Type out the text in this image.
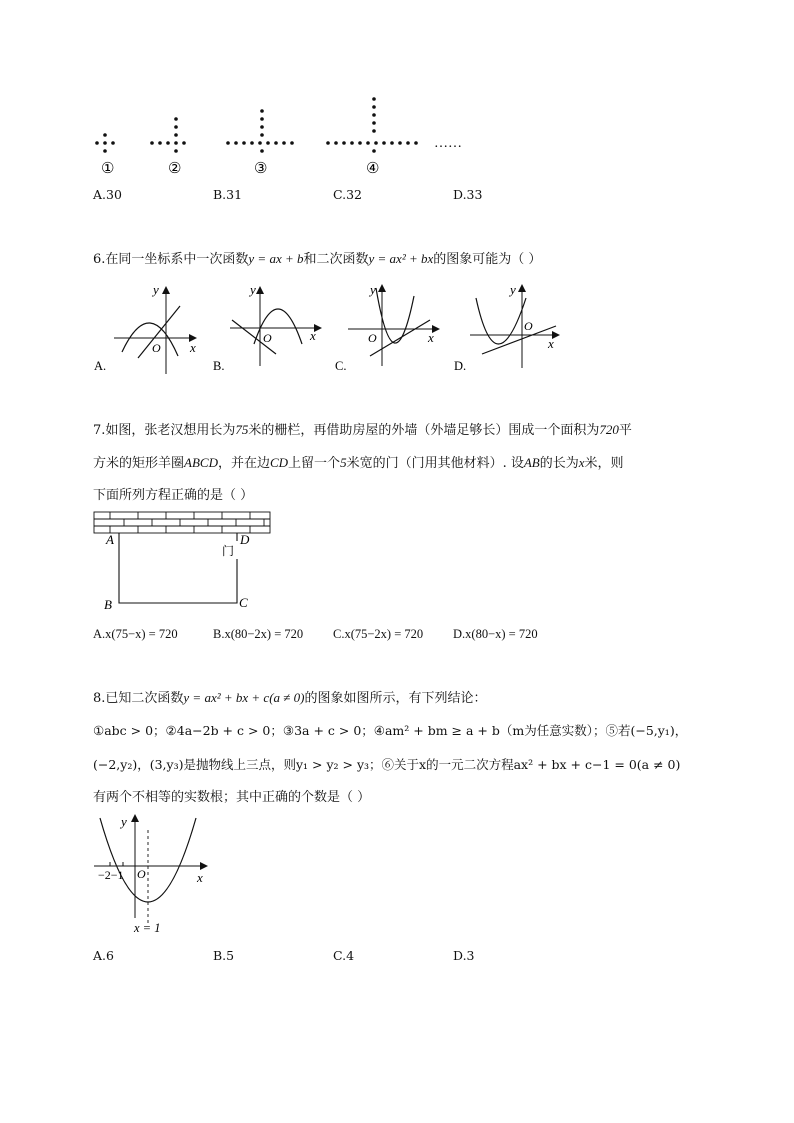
①	②	③	④
……
A.30	B.31	C.32	D.33
6.在同一坐标系中一次函数y = ax + b和二次函数y = ax² + bx的图象可能为（ ）
y
x
O
A.
y
x
O
B.
y
x
O
C.
y
x
O
D.
7.如图，张老汉想用长为75米的栅栏，再借助房屋的外墙（外墙足够长）围成一个面积为720平
方米的矩形羊圈ABCD，并在边CD上留一个5米宽的门（门用其他材料）. 设AB的长为x米，则
下面所列方程正确的是（ ）
A	D
门
B	C
A.x(75−x) = 720	B.x(80−2x) = 720 C.x(75−2x) = 720 D.x(80−x) = 720
8.已知二次函数y = ax² + bx + c(a ≠ 0)的图象如图所示，有下列结论：
①abc > 0；②4a−2b + c > 0；③3a + c > 0；④am² + bm ≥ a + b（m为任意实数）；⑤若(−5,y₁)，
(−2,y₂)，(3,y₃)是抛物线上三点，则y₁ > y₂ > y₃；⑥关于x的一元二次方程ax² + bx + c−1 = 0(a ≠ 0)
有两个不相等的实数根；其中正确的个数是（ ）
y
x
O
−2−1
x = 1
A.6	B.5	C.4	D.3
